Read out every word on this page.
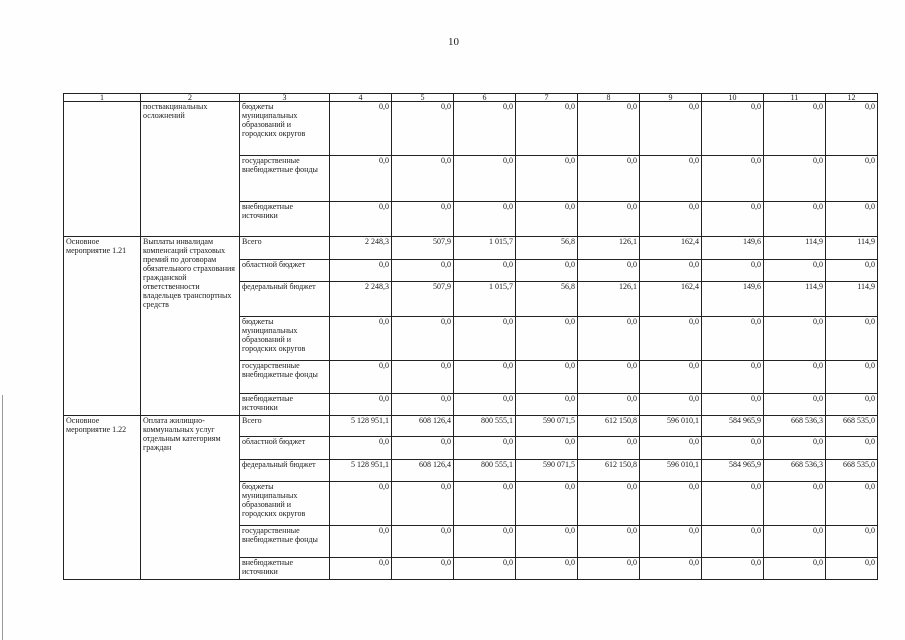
10
1	2	3	4	5	6	7	8	9	10	11	12
	поствакцинальных осложнений	бюджеты муниципальных образований и городских округов	0,0	0,0	0,0	0,0	0,0	0,0	0,0	0,0	0,0
		государственные внебюджетные фонды	0,0	0,0	0,0	0,0	0,0	0,0	0,0	0,0	0,0
		внебюджетные источники	0,0	0,0	0,0	0,0	0,0	0,0	0,0	0,0	0,0
Основное мероприятие 1.21	Выплаты инвалидам компенсаций страховых премий по договорам обязательного страхования гражданской ответственности владельцев транспортных средств	Всего	2 248,3	507,9	1 015,7	56,8	126,1	162,4	149,6	114,9	114,9
		областной бюджет	0,0	0,0	0,0	0,0	0,0	0,0	0,0	0,0	0,0
		федеральный бюджет	2 248,3	507,9	1 015,7	56,8	126,1	162,4	149,6	114,9	114,9
		бюджеты муниципальных образований и городских округов	0,0	0,0	0,0	0,0	0,0	0,0	0,0	0,0	0,0
		государственные внебюджетные фонды	0,0	0,0	0,0	0,0	0,0	0,0	0,0	0,0	0,0
		внебюджетные источники	0,0	0,0	0,0	0,0	0,0	0,0	0,0	0,0	0,0
Основное мероприятие 1.22	Оплата жилищно-коммунальных услуг отдельным категориям граждан	Всего	5 128 951,1	608 126,4	800 555,1	590 071,5	612 150,8	596 010,1	584 965,9	668 536,3	668 535,0
		областной бюджет	0,0	0,0	0,0	0,0	0,0	0,0	0,0	0,0	0,0
		федеральный бюджет	5 128 951,1	608 126,4	800 555,1	590 071,5	612 150,8	596 010,1	584 965,9	668 536,3	668 535,0
		бюджеты муниципальных образований и городских округов	0,0	0,0	0,0	0,0	0,0	0,0	0,0	0,0	0,0
		государственные внебюджетные фонды	0,0	0,0	0,0	0,0	0,0	0,0	0,0	0,0	0,0
		внебюджетные источники	0,0	0,0	0,0	0,0	0,0	0,0	0,0	0,0	0,0
